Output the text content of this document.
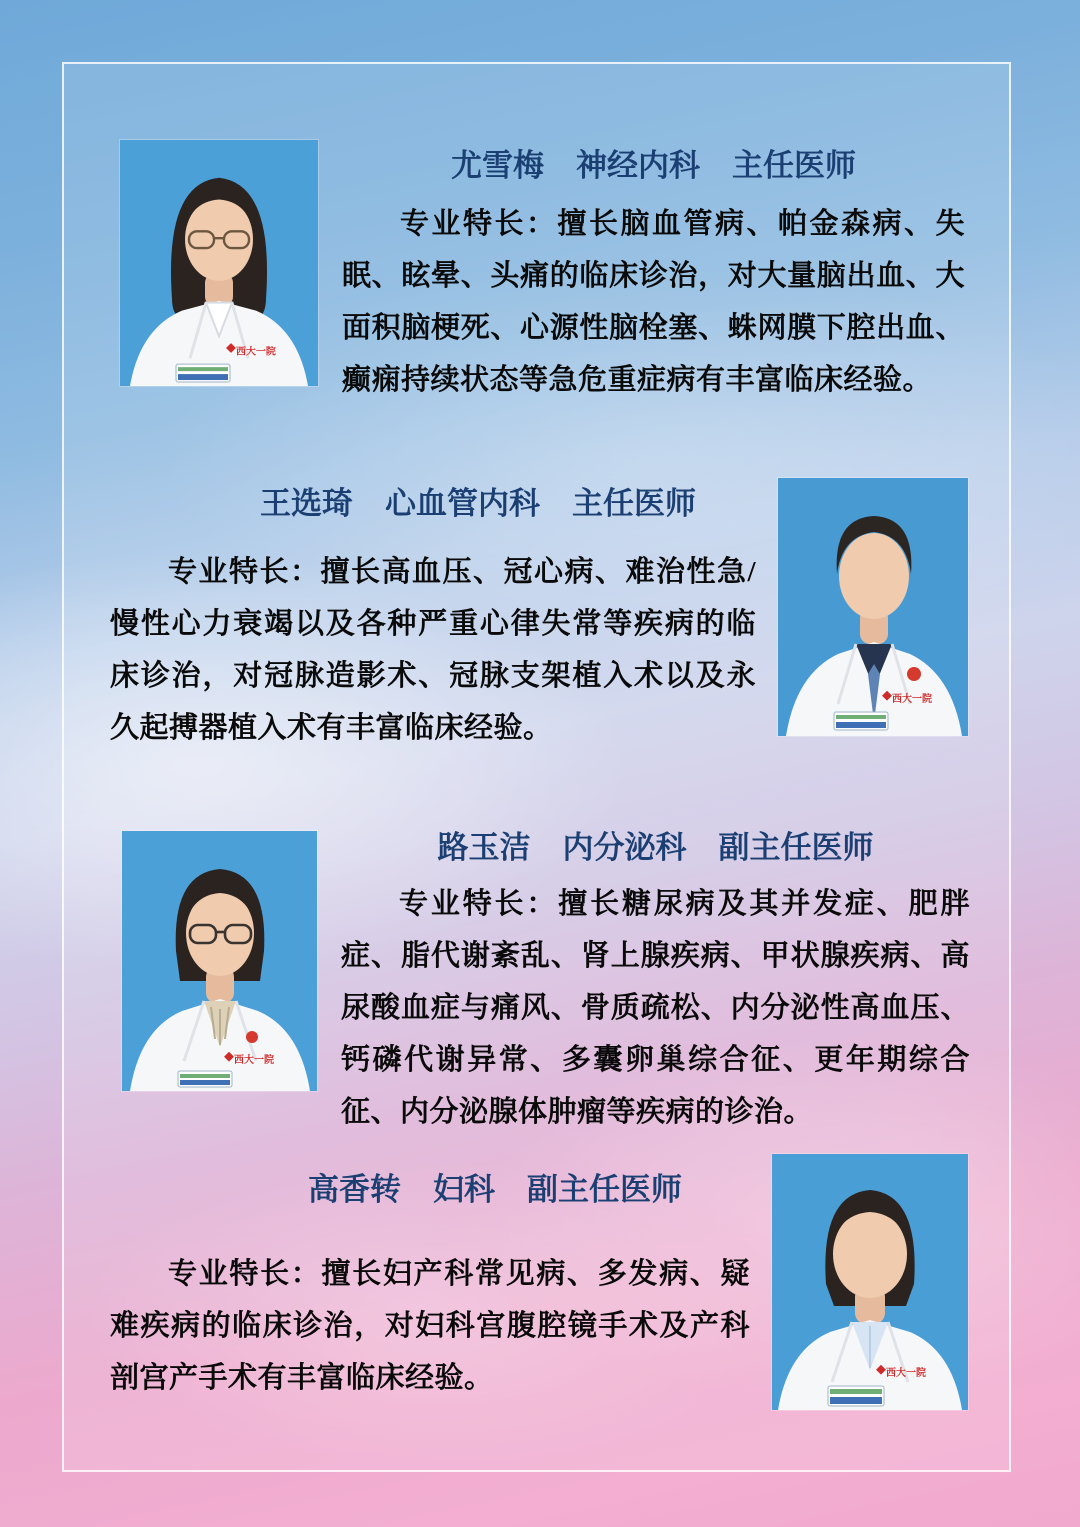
西大一院
尤雪梅 神经内科 主任医师

专业特长：擅长脑血管病、帕金森病、失眠、眩晕、头痛的临床诊治，对大量脑出血、大面积脑梗死、心源性脑栓塞、蛛网膜下腔出血、癫痫持续状态等急危重症病有丰富临床经验。

西大一院
王选琦 心血管内科 主任医师

专业特长：擅长高血压、冠心病、难治性急/慢性心力衰竭以及各种严重心律失常等疾病的临床诊治，对冠脉造影术、冠脉支架植入术以及永久起搏器植入术有丰富临床经验。

西大一院
路玉洁 内分泌科 副主任医师

专业特长：擅长糖尿病及其并发症、肥胖症、脂代谢紊乱、肾上腺疾病、甲状腺疾病、高尿酸血症与痛风、骨质疏松、内分泌性高血压、钙磷代谢异常、多囊卵巢综合征、更年期综合征、内分泌腺体肿瘤等疾病的诊治。

西大一院
高香转 妇科 副主任医师

专业特长：擅长妇产科常见病、多发病、疑难疾病的临床诊治，对妇科宫腹腔镜手术及产科剖宫产手术有丰富临床经验。
